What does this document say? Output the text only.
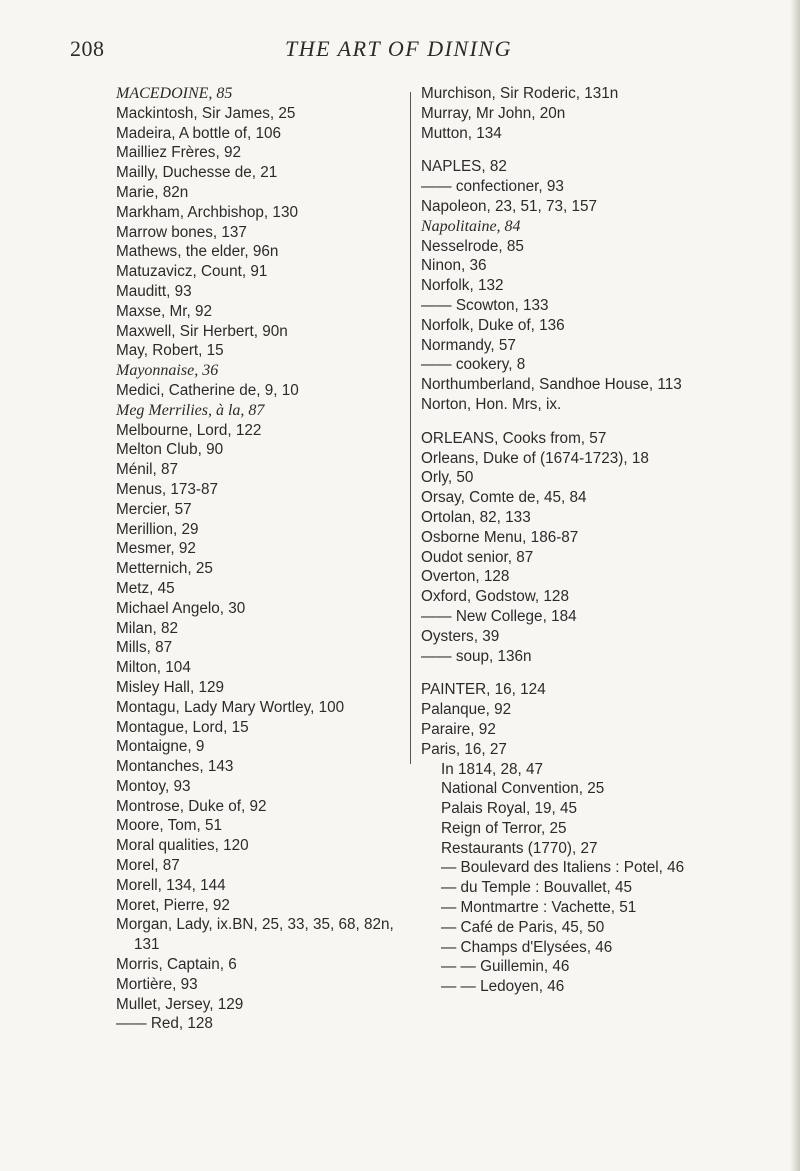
208	THE ART OF DINING
MACEDOINE, 85
Mackintosh, Sir James, 25
Madeira, A bottle of, 106
Mailliez Frères, 92
Mailly, Duchesse de, 21
Marie, 82n
Markham, Archbishop, 130
Marrow bones, 137
Mathews, the elder, 96n
Matuzavicz, Count, 91
Mauditt, 93
Maxse, Mr, 92
Maxwell, Sir Herbert, 90n
May, Robert, 15
Mayonnaise, 36
Medici, Catherine de, 9, 10
Meg Merrilies, à la, 87
Melbourne, Lord, 122
Melton Club, 90
Ménil, 87
Menus, 173-87
Mercier, 57
Merillion, 29
Mesmer, 92
Metternich, 25
Metz, 45
Michael Angelo, 30
Milan, 82
Mills, 87
Milton, 104
Misley Hall, 129
Montagu, Lady Mary Wortley, 100
Montague, Lord, 15
Montaigne, 9
Montanches, 143
Montoy, 93
Montrose, Duke of, 92
Moore, Tom, 51
Moral qualities, 120
Morel, 87
Morell, 134, 144
Moret, Pierre, 92
Morgan, Lady, ix.BN, 25, 33, 35, 68, 82n, 131
Morris, Captain, 6
Mortière, 93
Mullet, Jersey, 129
—— Red, 128
Murchison, Sir Roderic, 131n
Murray, Mr John, 20n
Mutton, 134
NAPLES, 82
—— confectioner, 93
Napoleon, 23, 51, 73, 157
Napolitaine, 84
Nesselrode, 85
Ninon, 36
Norfolk, 132
—— Scowton, 133
Norfolk, Duke of, 136
Normandy, 57
—— cookery, 8
Northumberland, Sandhoe House, 113
Norton, Hon. Mrs, ix.
ORLEANS, Cooks from, 57
Orleans, Duke of (1674-1723), 18
Orly, 50
Orsay, Comte de, 45, 84
Ortolan, 82, 133
Osborne Menu, 186-87
Oudot senior, 87
Overton, 128
Oxford, Godstow, 128
—— New College, 184
Oysters, 39
—— soup, 136n
PAINTER, 16, 124
Palanque, 92
Paraire, 92
Paris, 16, 27
In 1814, 28, 47
National Convention, 25
Palais Royal, 19, 45
Reign of Terror, 25
Restaurants (1770), 27
— Boulevard des Italiens : Potel, 46
— du Temple : Bouvallet, 45
— Montmartre : Vachette, 51
— Café de Paris, 45, 50
— Champs d'Elysées, 46
— — Guillemin, 46
— — Ledoyen, 46
